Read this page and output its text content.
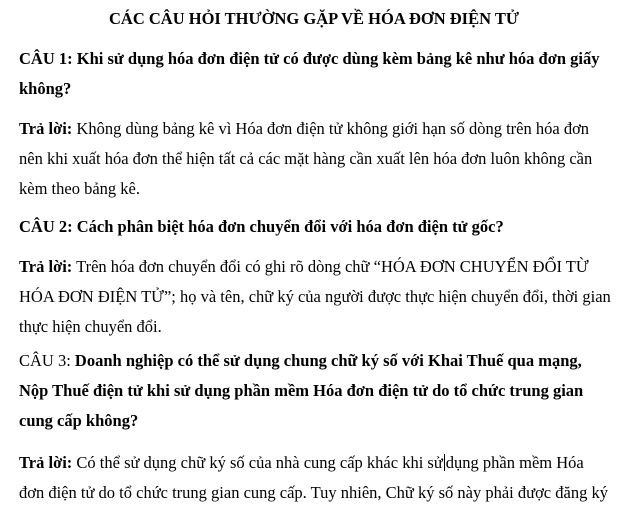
CÁC CÂU HỎI THƯỜNG GẶP VỀ HÓA ĐƠN ĐIỆN TỬ
CÂU 1: Khi sử dụng hóa đơn điện tử có được dùng kèm bảng kê như hóa đơn giấy
không?
Trả lời: Không dùng bảng kê vì Hóa đơn điện tử không giới hạn số dòng trên hóa đơn
nên khi xuất hóa đơn thể hiện tất cả các mặt hàng cần xuất lên hóa đơn luôn không cần
kèm theo bảng kê.
CÂU 2: Cách phân biệt hóa đơn chuyển đổi với hóa đơn điện tử gốc?
Trả lời: Trên hóa đơn chuyển đổi có ghi rõ dòng chữ “HÓA ĐƠN CHUYỂN ĐỔI TỪ
HÓA ĐƠN ĐIỆN TỬ”; họ và tên, chữ ký của người được thực hiện chuyển đổi, thời gian
thực hiện chuyển đổi.
CÂU 3: Doanh nghiệp có thể sử dụng chung chữ ký số với Khai Thuế qua mạng,
Nộp Thuế điện tử khi sử dụng phần mềm Hóa đơn điện tử do tổ chức trung gian
cung cấp không?
Trả lời: Có thể sử dụng chữ ký số của nhà cung cấp khác khi sử dụng phần mềm Hóa
đơn điện tử do tổ chức trung gian cung cấp. Tuy nhiên, Chữ ký số này phải được đăng ký
